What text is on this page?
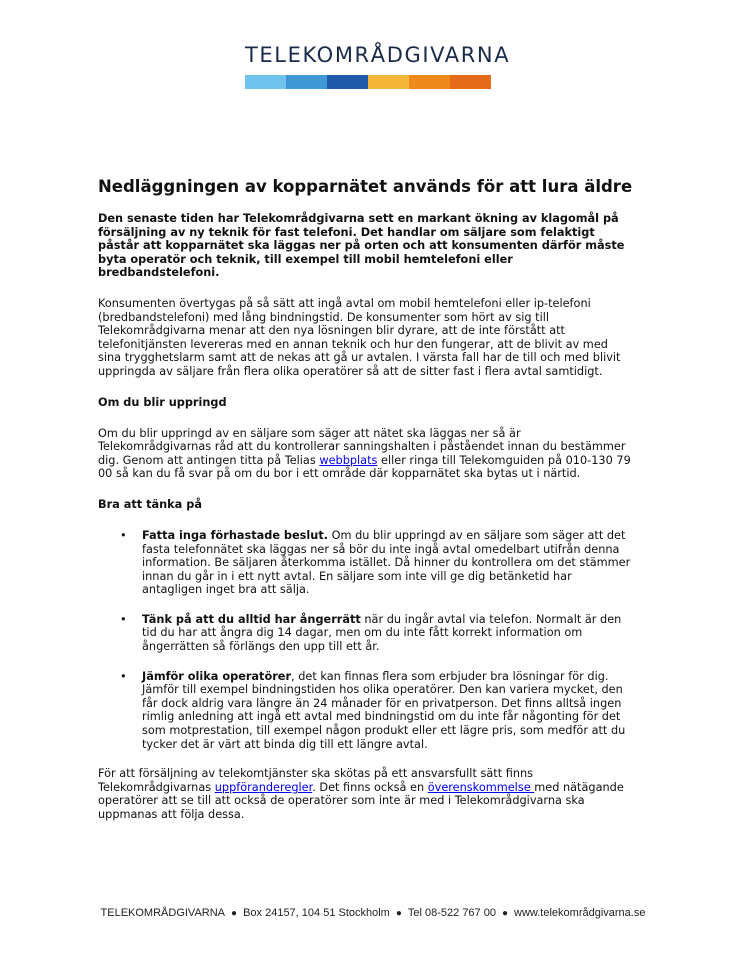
TELEKOMRÅDGIVARNA
Nedläggningen av kopparnätet används för att lura äldre

Den senaste tiden har Telekområdgivarna sett en markant ökning av klagomål på försäljning av ny teknik för fast telefoni. Det handlar om säljare som felaktigt påstår att kopparnätet ska läggas ner på orten och att konsumenten därför måste byta operatör och teknik, till exempel till mobil hemtelefoni eller bredbandstelefoni.

Konsumenten övertygas på så sätt att ingå avtal om mobil hemtelefoni eller ip-telefoni (bredbandstelefoni) med lång bindningstid. De konsumenter som hört av sig till Telekområdgivarna menar att den nya lösningen blir dyrare, att de inte förstått att telefonitjänsten levereras med en annan teknik och hur den fungerar, att de blivit av med sina trygghetslarm samt att de nekas att gå ur avtalen. I värsta fall har de till och med blivit uppringda av säljare från flera olika operatörer så att de sitter fast i flera avtal samtidigt.

Om du blir uppringd

Om du blir uppringd av en säljare som säger att nätet ska läggas ner så är Telekområdgivarnas råd att du kontrollerar sanningshalten i påståendet innan du bestämmer dig. Genom att antingen titta på Telias webbplats eller ringa till Telekomguiden på 010-130 79 00 så kan du få svar på om du bor i ett område där kopparnätet ska bytas ut i närtid.

Bra att tänka på
• Fatta inga förhastade beslut. Om du blir uppringd av en säljare som säger att det fasta telefonnätet ska läggas ner så bör du inte ingå avtal omedelbart utifrån denna information. Be säljaren återkomma istället. Då hinner du kontrollera om det stämmer innan du går in i ett nytt avtal. En säljare som inte vill ge dig betänketid har antagligen inget bra att sälja.
• Tänk på att du alltid har ångerrätt när du ingår avtal via telefon. Normalt är den tid du har att ångra dig 14 dagar, men om du inte fått korrekt information om ångerrätten så förlängs den upp till ett år.
• Jämför olika operatörer, det kan finnas flera som erbjuder bra lösningar för dig. Jämför till exempel bindningstiden hos olika operatörer. Den kan variera mycket, den får dock aldrig vara längre än 24 månader för en privatperson. Det finns alltså ingen rimlig anledning att ingå ett avtal med bindningstid om du inte får någonting för det som motprestation, till exempel någon produkt eller ett lägre pris, som medför att du tycker det är värt att binda dig till ett längre avtal.

För att försäljning av telekomtjänster ska skötas på ett ansvarsfullt sätt finns Telekområdgivarnas uppföranderegler. Det finns också en överenskommelse med nätägande operatörer att se till att också de operatörer som inte är med i Telekområdgivarna ska uppmanas att följa dessa.

TELEKOMRÅDGIVARNA ● Box 24157, 104 51 Stockholm ● Tel 08-522 767 00 ● www.telekområdgivarna.se
